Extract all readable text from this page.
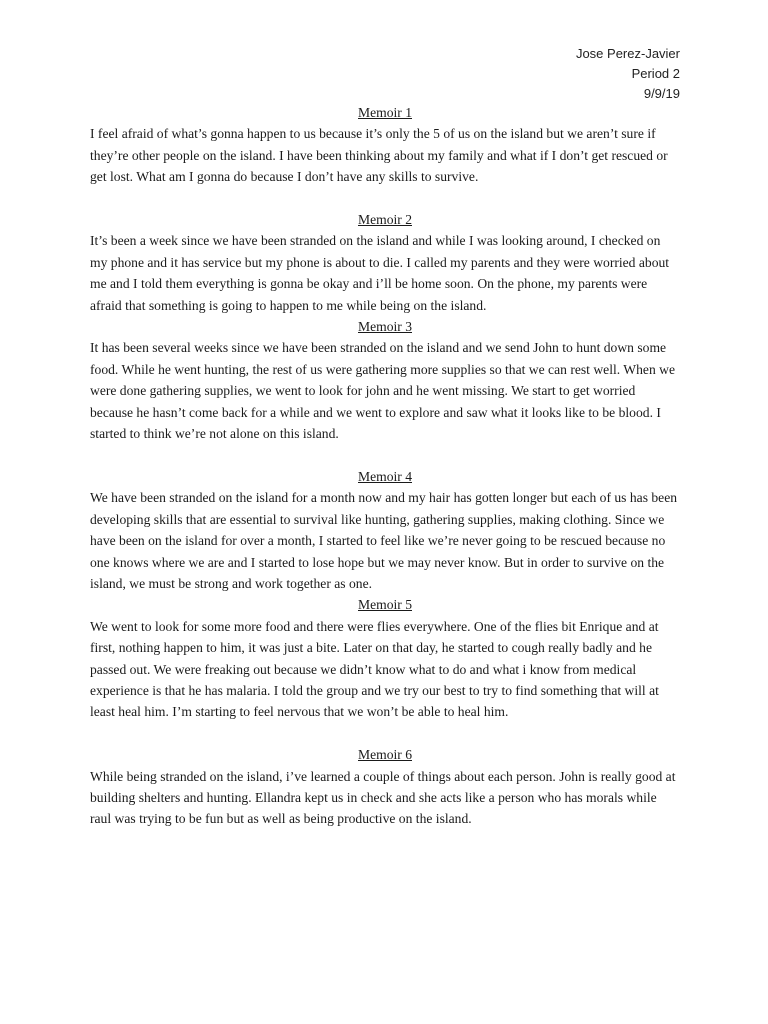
Jose Perez-Javier
Period 2
9/9/19
Memoir 1

I feel afraid of what’s gonna happen to us because it’s only the 5 of us on the island but we aren’t sure if they’re other people on the island. I have been thinking about my family and what if I don’t get rescued or get lost. What am I gonna do because I don’t have any skills to survive.

Memoir 2

It’s been a week since we have been stranded on the island and while I was looking around, I checked on my phone and it has service but my phone is about to die. I called my parents and they were worried about me and I told them everything is gonna be okay and i’ll be home soon. On the phone, my parents were afraid that something is going to happen to me while being on the island.

Memoir 3

It has been several weeks since we have been stranded on the island and we send John to hunt down some food. While he went hunting, the rest of us were gathering more supplies so that we can rest well. When we were done gathering supplies, we went to look for john and he went missing. We start to get worried because he hasn’t come back for a while and we went to explore and saw what it looks like to be blood. I started to think we’re not alone on this island.

Memoir 4

We have been stranded on the island for a month now and my hair has gotten longer but each of us has been developing skills that are essential to survival like hunting, gathering supplies, making clothing. Since we have been on the island for over a month, I started to feel like we’re never going to be rescued because no one knows where we are and I started to lose hope but we may never know. But in order to survive on the island, we must be strong and work together as one.

Memoir 5

We went to look for some more food and there were flies everywhere. One of the flies bit Enrique and at first, nothing happen to him, it was just a bite. Later on that day, he started to cough really badly and he passed out. We were freaking out because we didn’t know what to do and what i know from medical experience is that he has malaria. I told the group and we try our best to try to find something that will at least heal him. I’m starting to feel nervous that we won’t be able to heal him.

Memoir 6

While being stranded on the island, i’ve learned a couple of things about each person. John is really good at building shelters and hunting. Ellandra kept us in check and she acts like a person who has morals while raul was trying to be fun but as well as being productive on the island.
